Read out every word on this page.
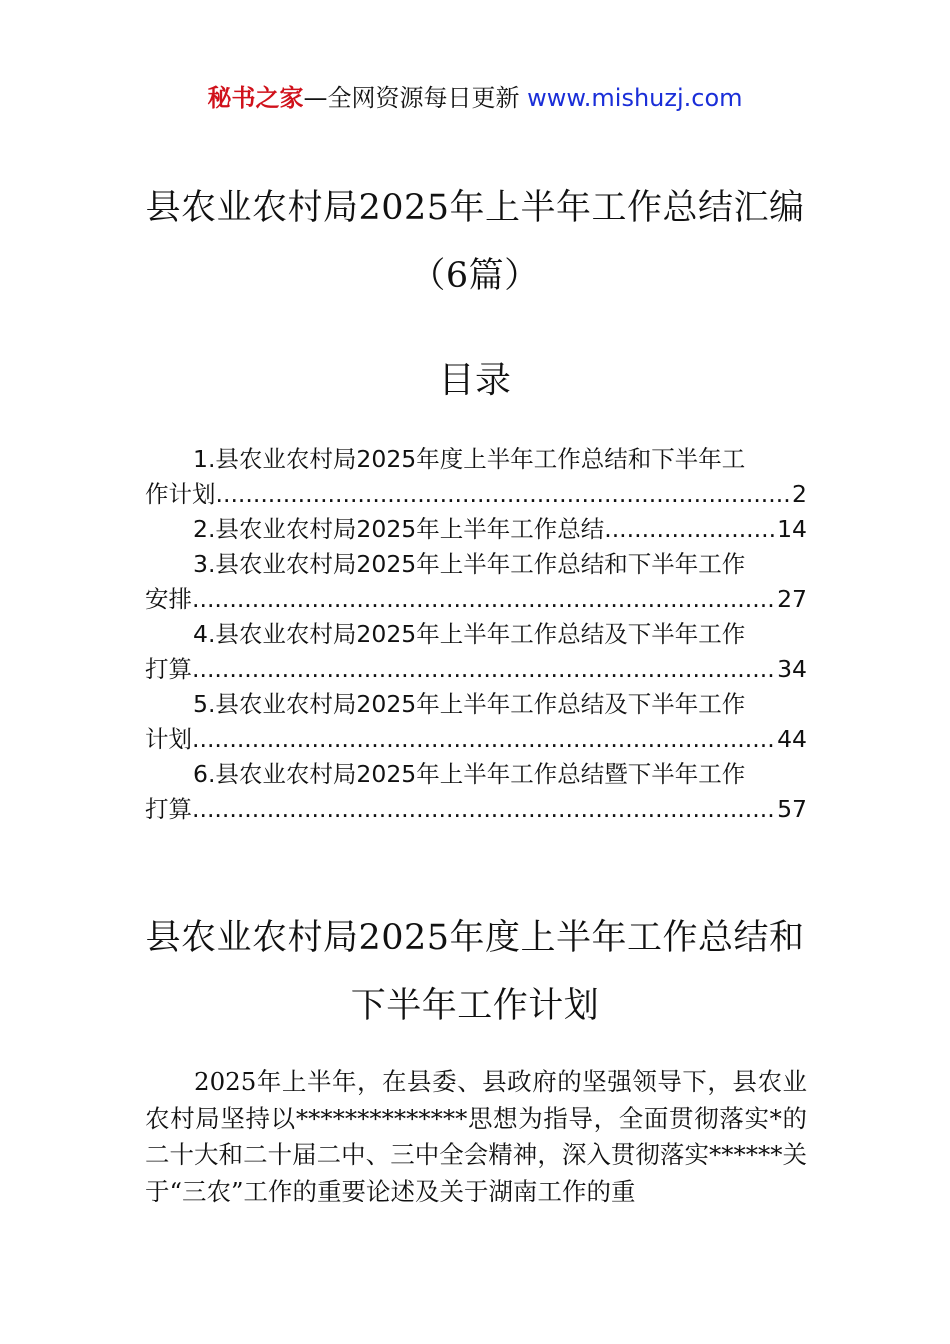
秘书之家—全网资源每日更新 www.mishuzj.com
县农业农村局2025年上半年工作总结汇编
（6篇）
目录
1.县农业农村局2025年度上半年工作总结和下半年工
作计划 .....	2
2.县农业农村局2025年上半年工作总结 .....	14
3.县农业农村局2025年上半年工作总结和下半年工作
安排 .....	27
4.县农业农村局2025年上半年工作总结及下半年工作
打算 .....	34
5.县农业农村局2025年上半年工作总结及下半年工作
计划 .....	44
6.县农业农村局2025年上半年工作总结暨下半年工作
打算 .....	57
县农业农村局2025年度上半年工作总结和
下半年工作计划

2025年上半年，在县委、县政府的坚强领导下，县农业农村局坚持以**************思想为指导，全面贯彻落实*的二十大和二十届二中、三中全会精神，深入贯彻落实******关于“三农”工作的重要论述及关于湖南工作的重
